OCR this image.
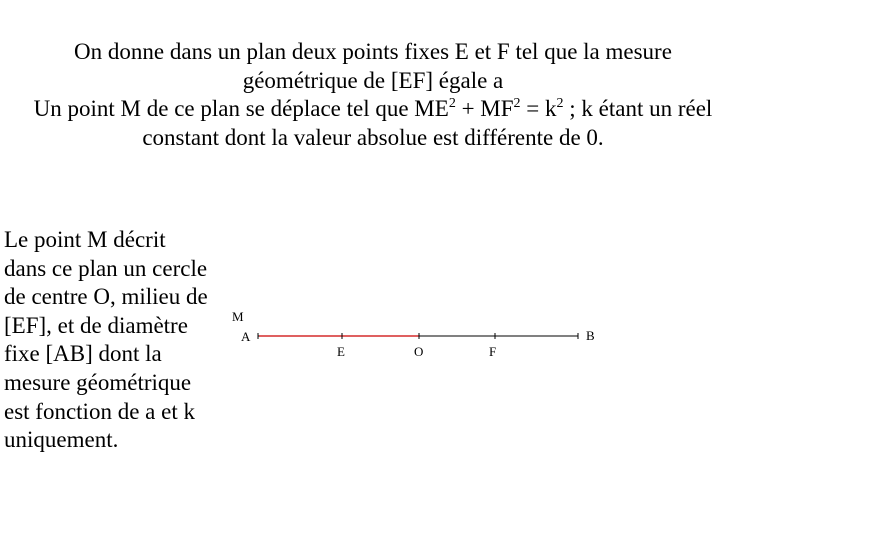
On donne dans un plan deux points fixes E et F tel que la mesure
géométrique de [EF] égale a
Un point M de ce plan se déplace tel que $ME^2 + MF^2 = k^2$ ; k étant un réel
constant dont la valeur absolue est différente de 0.
Le point M décrit
dans ce plan un cercle
de centre O, milieu de
[EF], et de diamètre
fixe [AB] dont la
mesure géométrique
est fonction de a et k
uniquement.
M
A	B
E	O	F
